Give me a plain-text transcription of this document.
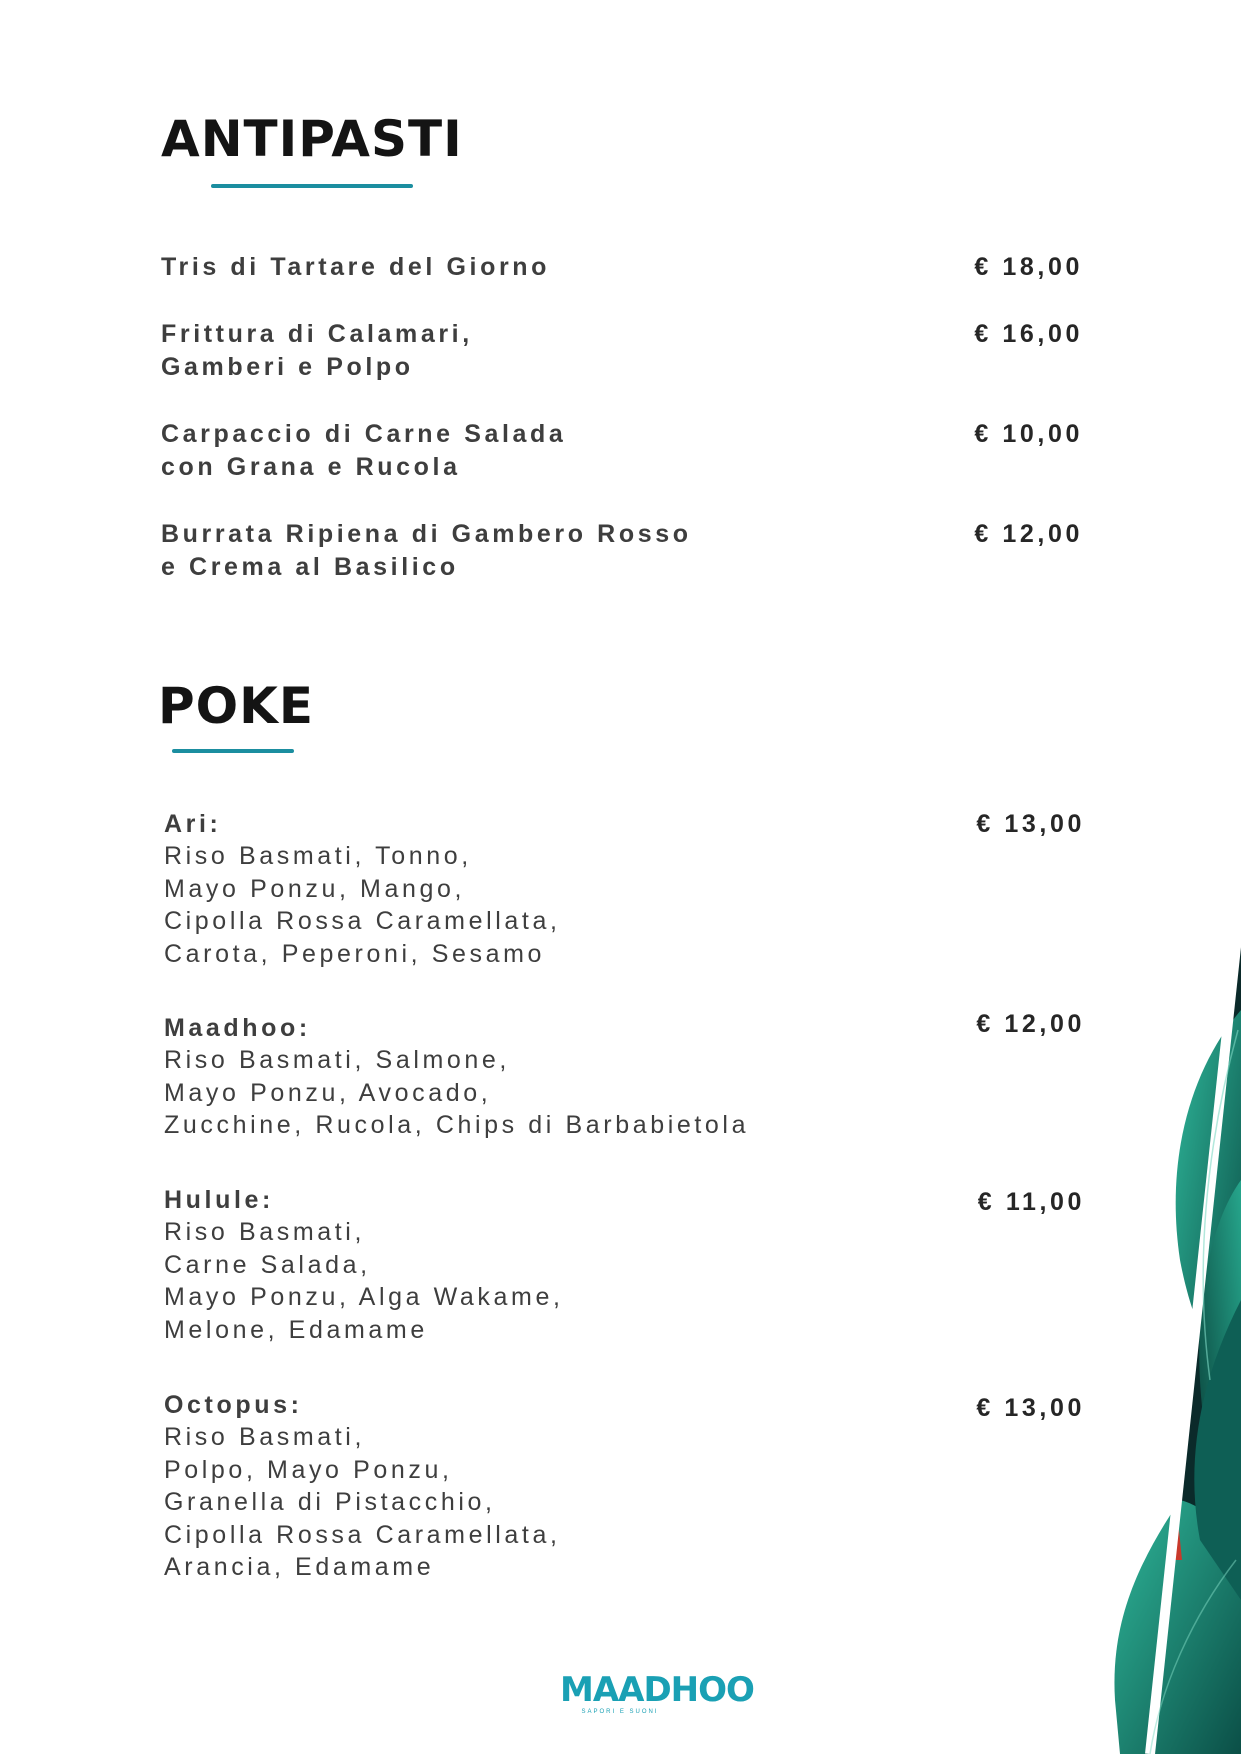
ANTIPASTI
Tris di Tartare del Giorno	€ 18,00
Frittura di Calamari,
Gamberi e Polpo
€ 16,00
Carpaccio di Carne Salada
con Grana e Rucola
€ 10,00
Burrata Ripiena di Gambero Rosso
e Crema al Basilico
€ 12,00
POKE
Ari:
Riso Basmati, Tonno,
Mayo Ponzu, Mango,
Cipolla Rossa Caramellata,
Carota, Peperoni, Sesamo
€ 13,00
Maadhoo:
Riso Basmati, Salmone,
Mayo Ponzu, Avocado,
Zucchine, Rucola, Chips di Barbabietola
€ 12,00
Hulule:
Riso Basmati,
Carne Salada,
Mayo Ponzu, Alga Wakame,
Melone, Edamame
€ 11,00
Octopus:
Riso Basmati,
Polpo, Mayo Ponzu,
Granella di Pistacchio,
Cipolla Rossa Caramellata,
Arancia, Edamame
€ 13,00
MAADHOO
SAPORI E SUONI
